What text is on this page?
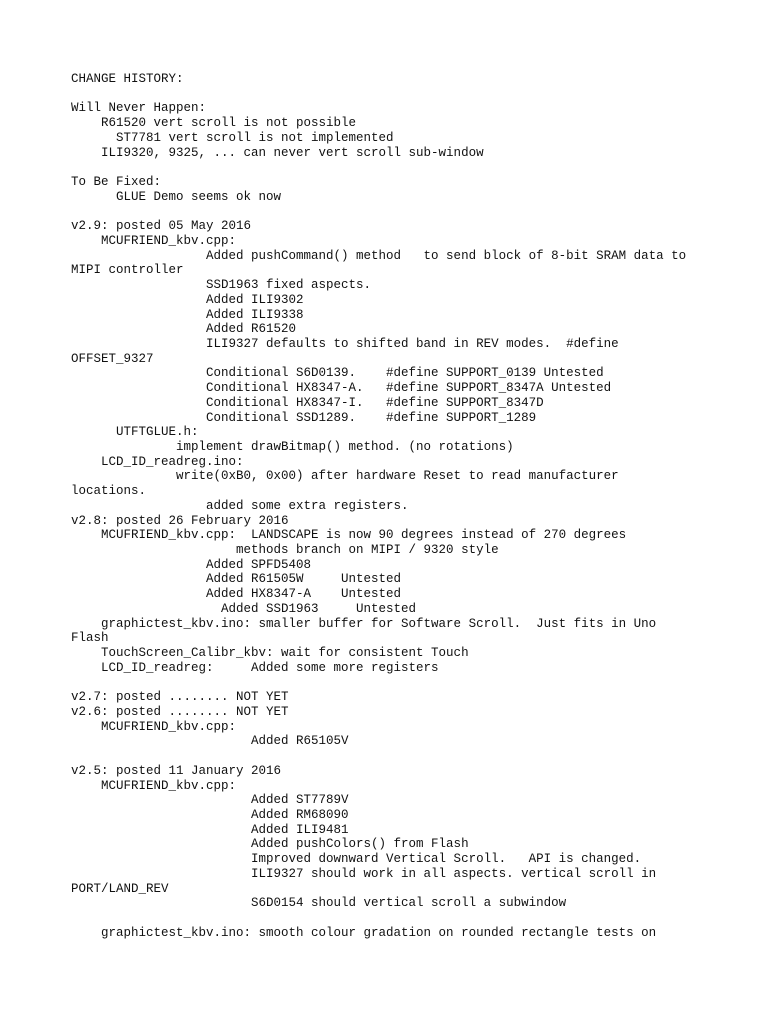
CHANGE HISTORY:
Will Never Happen:
R61520 vert scroll is not possible
ST7781 vert scroll is not implemented
ILI9320, 9325, ... can never vert scroll sub-window
To Be Fixed:
GLUE Demo seems ok now
v2.9: posted 05 May 2016
MCUFRIEND_kbv.cpp:
Added pushCommand() method   to send block of 8-bit SRAM data to
MIPI controller
SSD1963 fixed aspects.
Added ILI9302
Added ILI9338
Added R61520
ILI9327 defaults to shifted band in REV modes.  #define
OFFSET_9327
Conditional S6D0139.    #define SUPPORT_0139 Untested
Conditional HX8347-A.   #define SUPPORT_8347A Untested
Conditional HX8347-I.   #define SUPPORT_8347D
Conditional SSD1289.    #define SUPPORT_1289
UTFTGLUE.h:
implement drawBitmap() method. (no rotations)
LCD_ID_readreg.ino:
write(0xB0, 0x00) after hardware Reset to read manufacturer
locations.
added some extra registers.
v2.8: posted 26 February 2016
MCUFRIEND_kbv.cpp:  LANDSCAPE is now 90 degrees instead of 270 degrees
methods branch on MIPI / 9320 style
Added SPFD5408
Added R61505W     Untested
Added HX8347-A    Untested
Added SSD1963     Untested
graphictest_kbv.ino: smaller buffer for Software Scroll.  Just fits in Uno
Flash
TouchScreen_Calibr_kbv: wait for consistent Touch
LCD_ID_readreg:     Added some more registers
v2.7: posted ........ NOT YET
v2.6: posted ........ NOT YET
MCUFRIEND_kbv.cpp:
Added R65105V
v2.5: posted 11 January 2016
MCUFRIEND_kbv.cpp:
Added ST7789V
Added RM68090
Added ILI9481
Added pushColors() from Flash
Improved downward Vertical Scroll.   API is changed.
ILI9327 should work in all aspects. vertical scroll in
PORT/LAND_REV
S6D0154 should vertical scroll a subwindow
graphictest_kbv.ino: smooth colour gradation on rounded rectangle tests on
